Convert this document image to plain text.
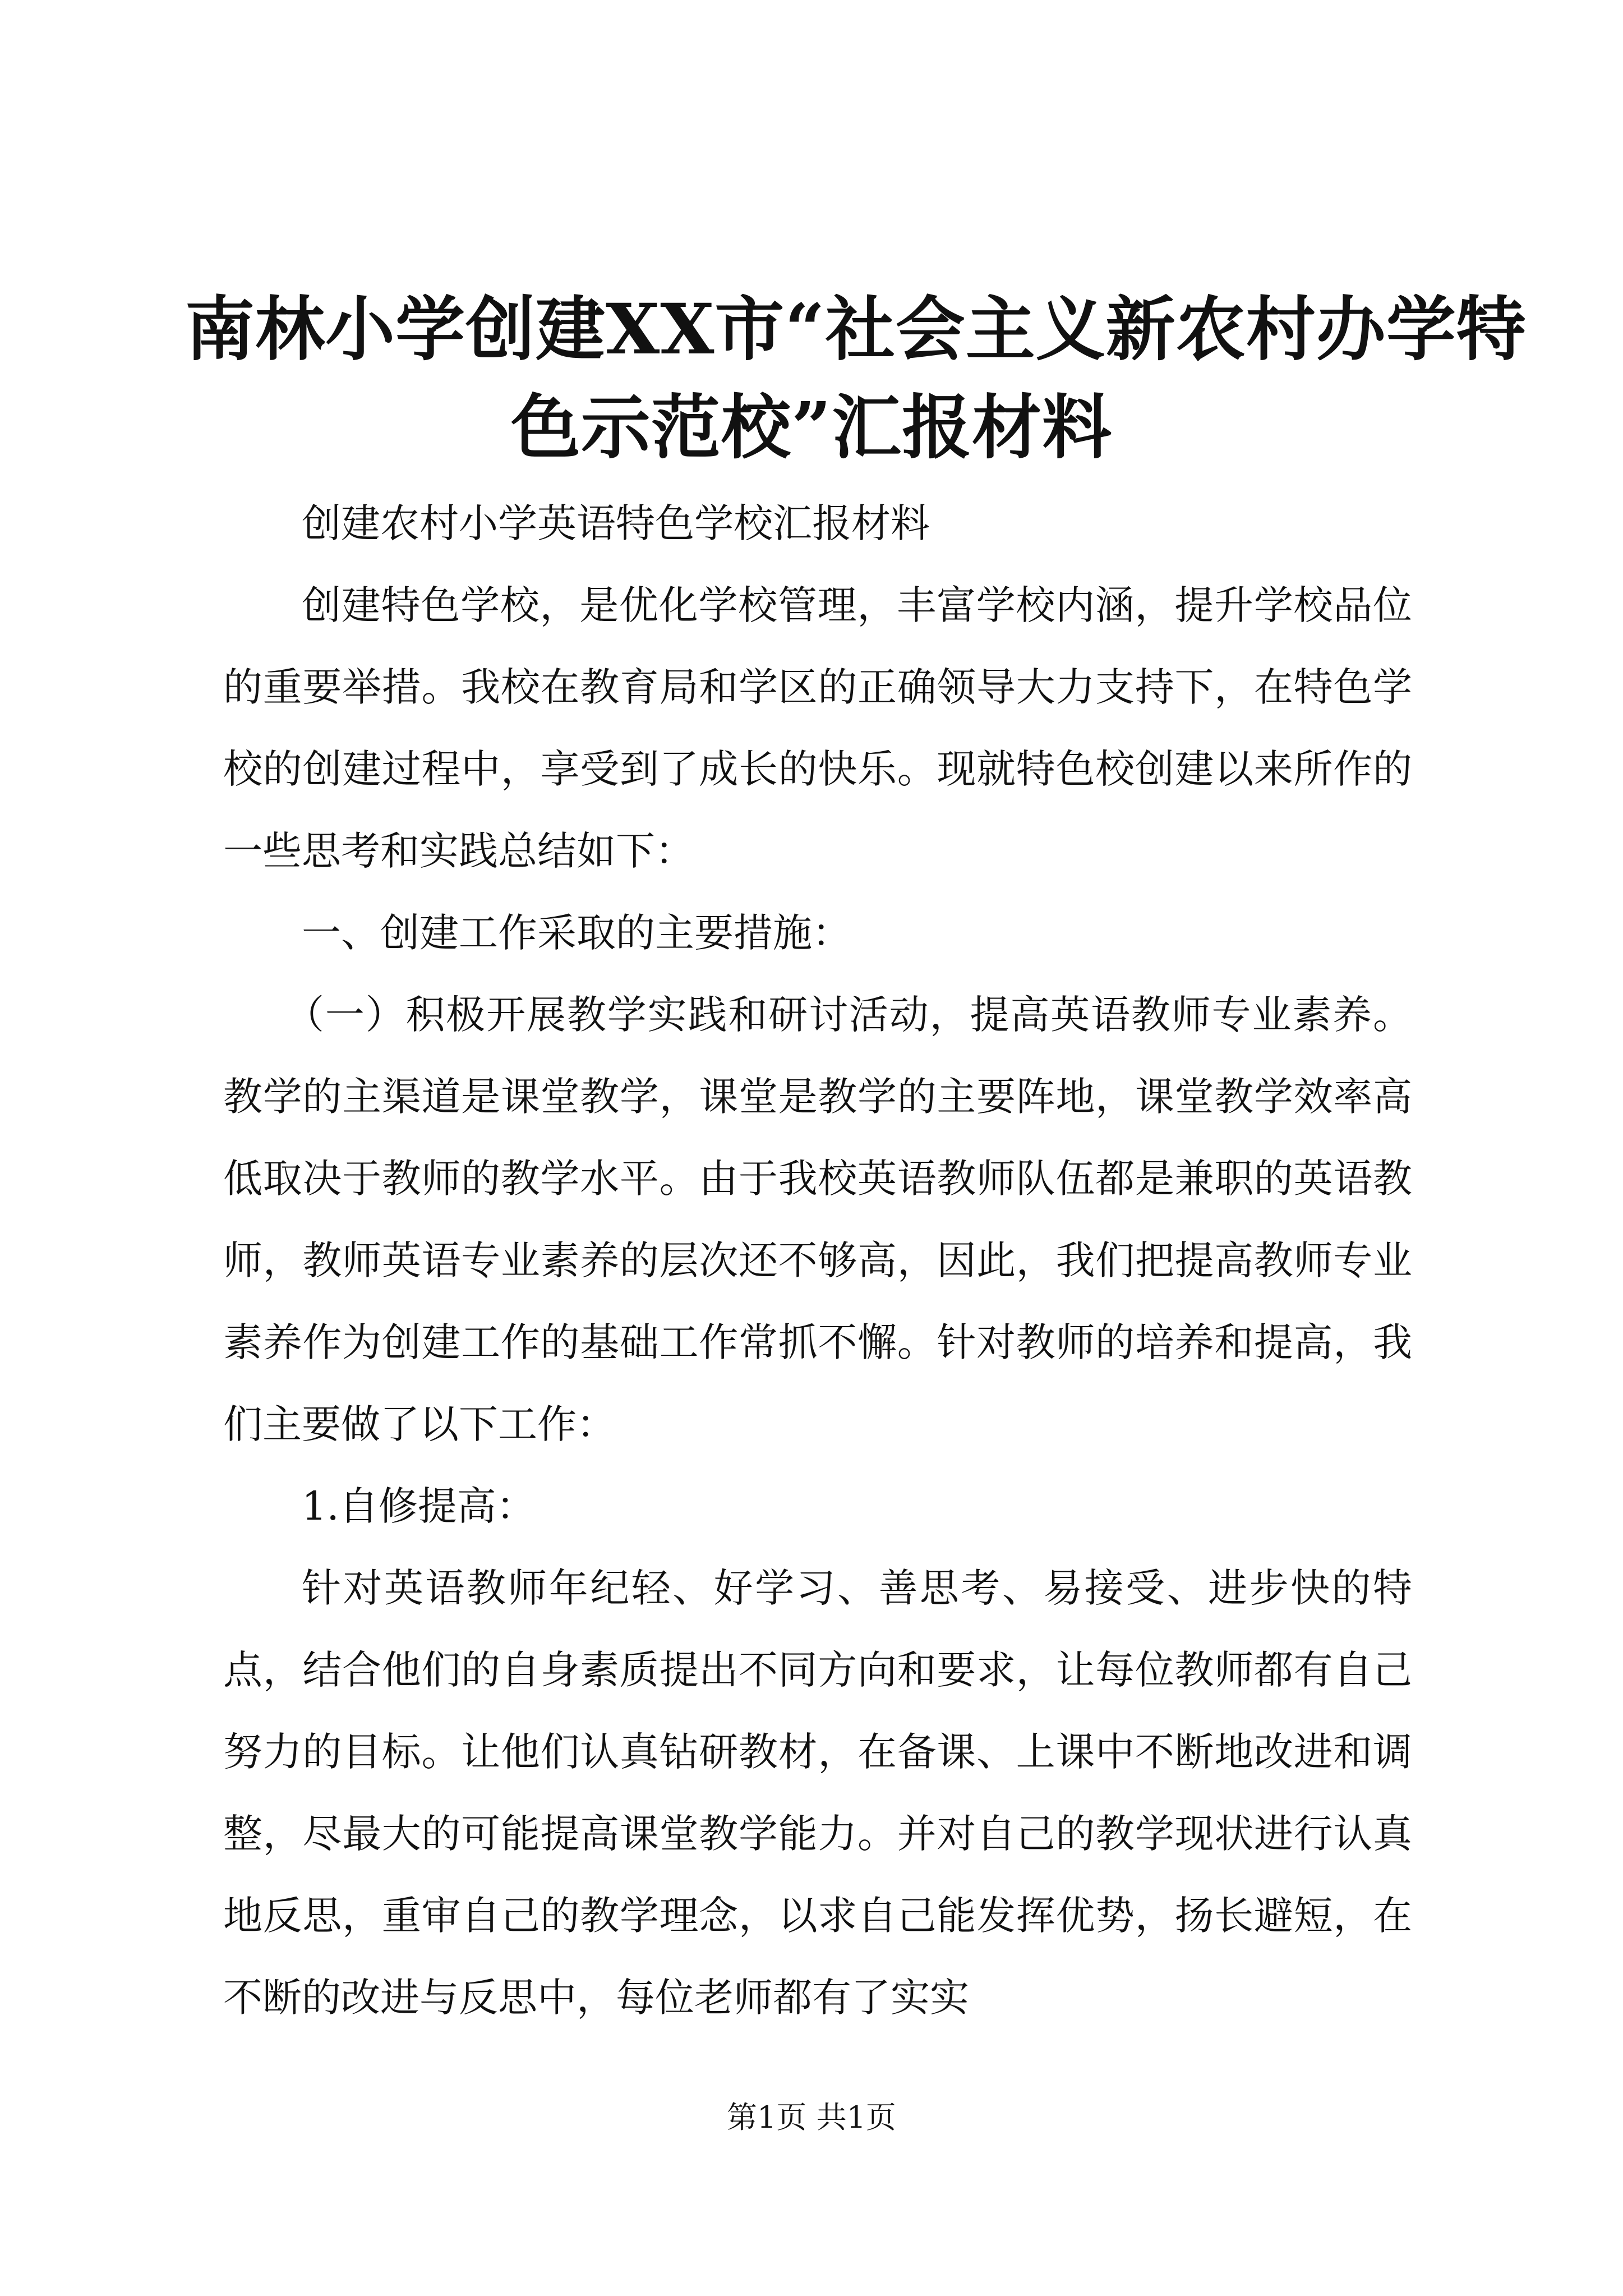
南林小学创建XX市“社会主义新农村办学特
色示范校”汇报材料

创建农村小学英语特色学校汇报材料

创建特色学校，是优化学校管理，丰富学校内涵，提升学校品位的重要举措。我校在教育局和学区的正确领导大力支持下，在特色学校的创建过程中，享受到了成长的快乐。现就特色校创建以来所作的一些思考和实践总结如下：

一、创建工作采取的主要措施：

（一）积极开展教学实践和研讨活动，提高英语教师专业素养。教学的主渠道是课堂教学，课堂是教学的主要阵地，课堂教学效率高低取决于教师的教学水平。由于我校英语教师队伍都是兼职的英语教师，教师英语专业素养的层次还不够高，因此，我们把提高教师专业素养作为创建工作的基础工作常抓不懈。针对教师的培养和提高，我们主要做了以下工作：

1.自修提高：

针对英语教师年纪轻、好学习、善思考、易接受、进步快的特点，结合他们的自身素质提出不同方向和要求，让每位教师都有自己努力的目标。让他们认真钻研教材，在备课、上课中不断地改进和调整，尽最大的可能提高课堂教学能力。并对自己的教学现状进行认真地反思，重审自己的教学理念，以求自己能发挥优势，扬长避短，在不断的改进与反思中，每位老师都有了实实

第1页 共1页
